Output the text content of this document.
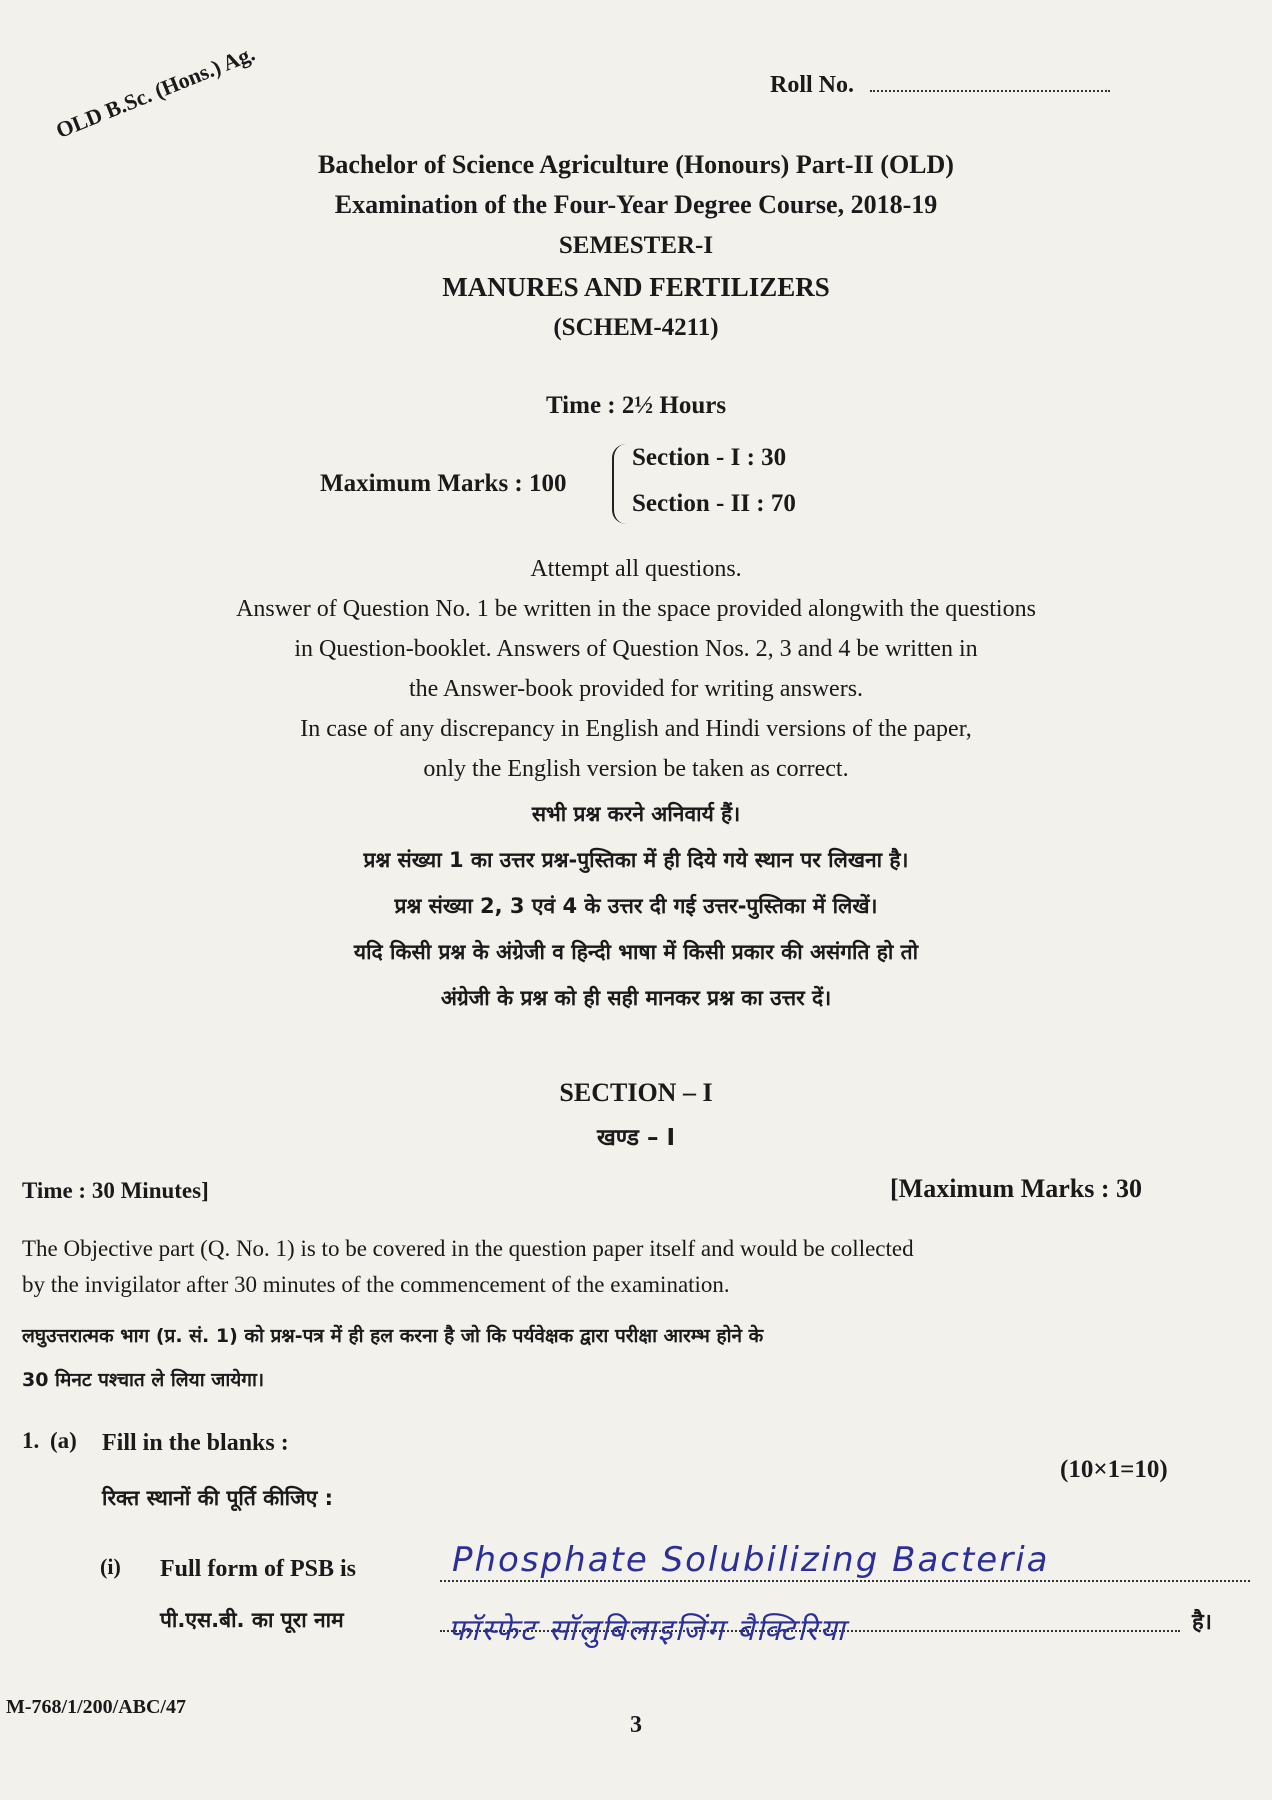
Roll No.
OLD B.Sc. (Hons.) Ag.
Bachelor of Science Agriculture (Honours) Part-II (OLD)
Examination of the Four-Year Degree Course, 2018-19
SEMESTER-I
MANURES AND FERTILIZERS
(SCHEM-4211)
Time : 2½ Hours
Maximum Marks : 100
Section - I : 30
Section - II : 70
Attempt all questions.
Answer of Question No. 1 be written in the space provided alongwith the questions
in Question-booklet. Answers of Question Nos. 2, 3 and 4 be written in
the Answer-book provided for writing answers.
In case of any discrepancy in English and Hindi versions of the paper,
only the English version be taken as correct.
सभी प्रश्न करने अनिवार्य हैं।
प्रश्न संख्या 1 का उत्तर प्रश्न-पुस्तिका में ही दिये गये स्थान पर लिखना है।
प्रश्न संख्या 2, 3 एवं 4 के उत्तर दी गई उत्तर-पुस्तिका में लिखें।
यदि किसी प्रश्न के अंग्रेजी व हिन्दी भाषा में किसी प्रकार की असंगति हो तो
अंग्रेजी के प्रश्न को ही सही मानकर प्रश्न का उत्तर दें।
SECTION – I
खण्ड – I
Time : 30 Minutes]	[Maximum Marks : 30
The Objective part (Q. No. 1) is to be covered in the question paper itself and would be collected
by the invigilator after 30 minutes of the commencement of the examination.
लघुउत्तरात्मक भाग (प्र. सं. 1) को प्रश्न-पत्र में ही हल करना है जो कि पर्यवेक्षक द्वारा परीक्षा आरम्भ होने के
30 मिनट पश्चात ले लिया जायेगा।
1. (a) Fill in the blanks :
(10×1=10)
रिक्त स्थानों की पूर्ति कीजिए :
(i) Full form of PSB is	Phosphate Solubilizing Bacteria
पी.एस.बी. का पूरा नाम	फॉस्फेट सॉलुबिलाइजिंग बैक्टिरिया	है।
M-768/1/200/ABC/47
3
